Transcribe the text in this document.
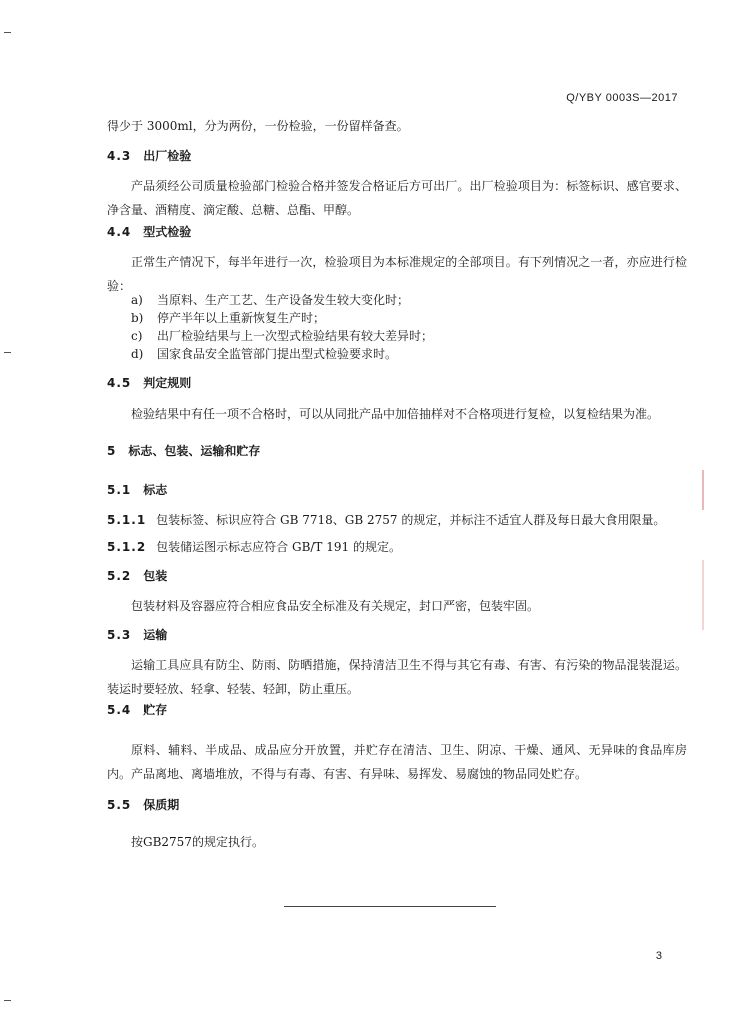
Q/YBY 0003S—2017
得少于 3000ml，分为两份，一份检验，一份留样备查。
4.3 出厂检验
产品须经公司质量检验部门检验合格并签发合格证后方可出厂。出厂检验项目为：标签标识、感官要求、净含量、酒精度、滴定酸、总糖、总酯、甲醇。
4.4 型式检验
正常生产情况下，每半年进行一次，检验项目为本标准规定的全部项目。有下列情况之一者，亦应进行检验：
a) 当原料、生产工艺、生产设备发生较大变化时；
b) 停产半年以上重新恢复生产时；
c) 出厂检验结果与上一次型式检验结果有较大差异时；
d) 国家食品安全监管部门提出型式检验要求时。
4.5 判定规则
检验结果中有任一项不合格时，可以从同批产品中加倍抽样对不合格项进行复检，以复检结果为准。
5 标志、包装、运输和贮存
5.1 标志
5.1.1 包装标签、标识应符合 GB 7718、GB 2757 的规定，并标注不适宜人群及每日最大食用限量。
5.1.2 包装储运图示标志应符合 GB/T 191 的规定。
5.2 包装
包装材料及容器应符合相应食品安全标准及有关规定，封口严密，包装牢固。
5.3 运输
运输工具应具有防尘、防雨、防晒措施，保持清洁卫生不得与其它有毒、有害、有污染的物品混装混运。装运时要轻放、轻拿、轻装、轻卸，防止重压。
5.4 贮存
原料、辅料、半成品、成品应分开放置，并贮存在清洁、卫生、阴凉、干燥、通风、无异味的食品库房内。产品离地、离墙堆放，不得与有毒、有害、有异味、易挥发、易腐蚀的物品同处贮存。
5.5 保质期
按GB2757的规定执行。
3
